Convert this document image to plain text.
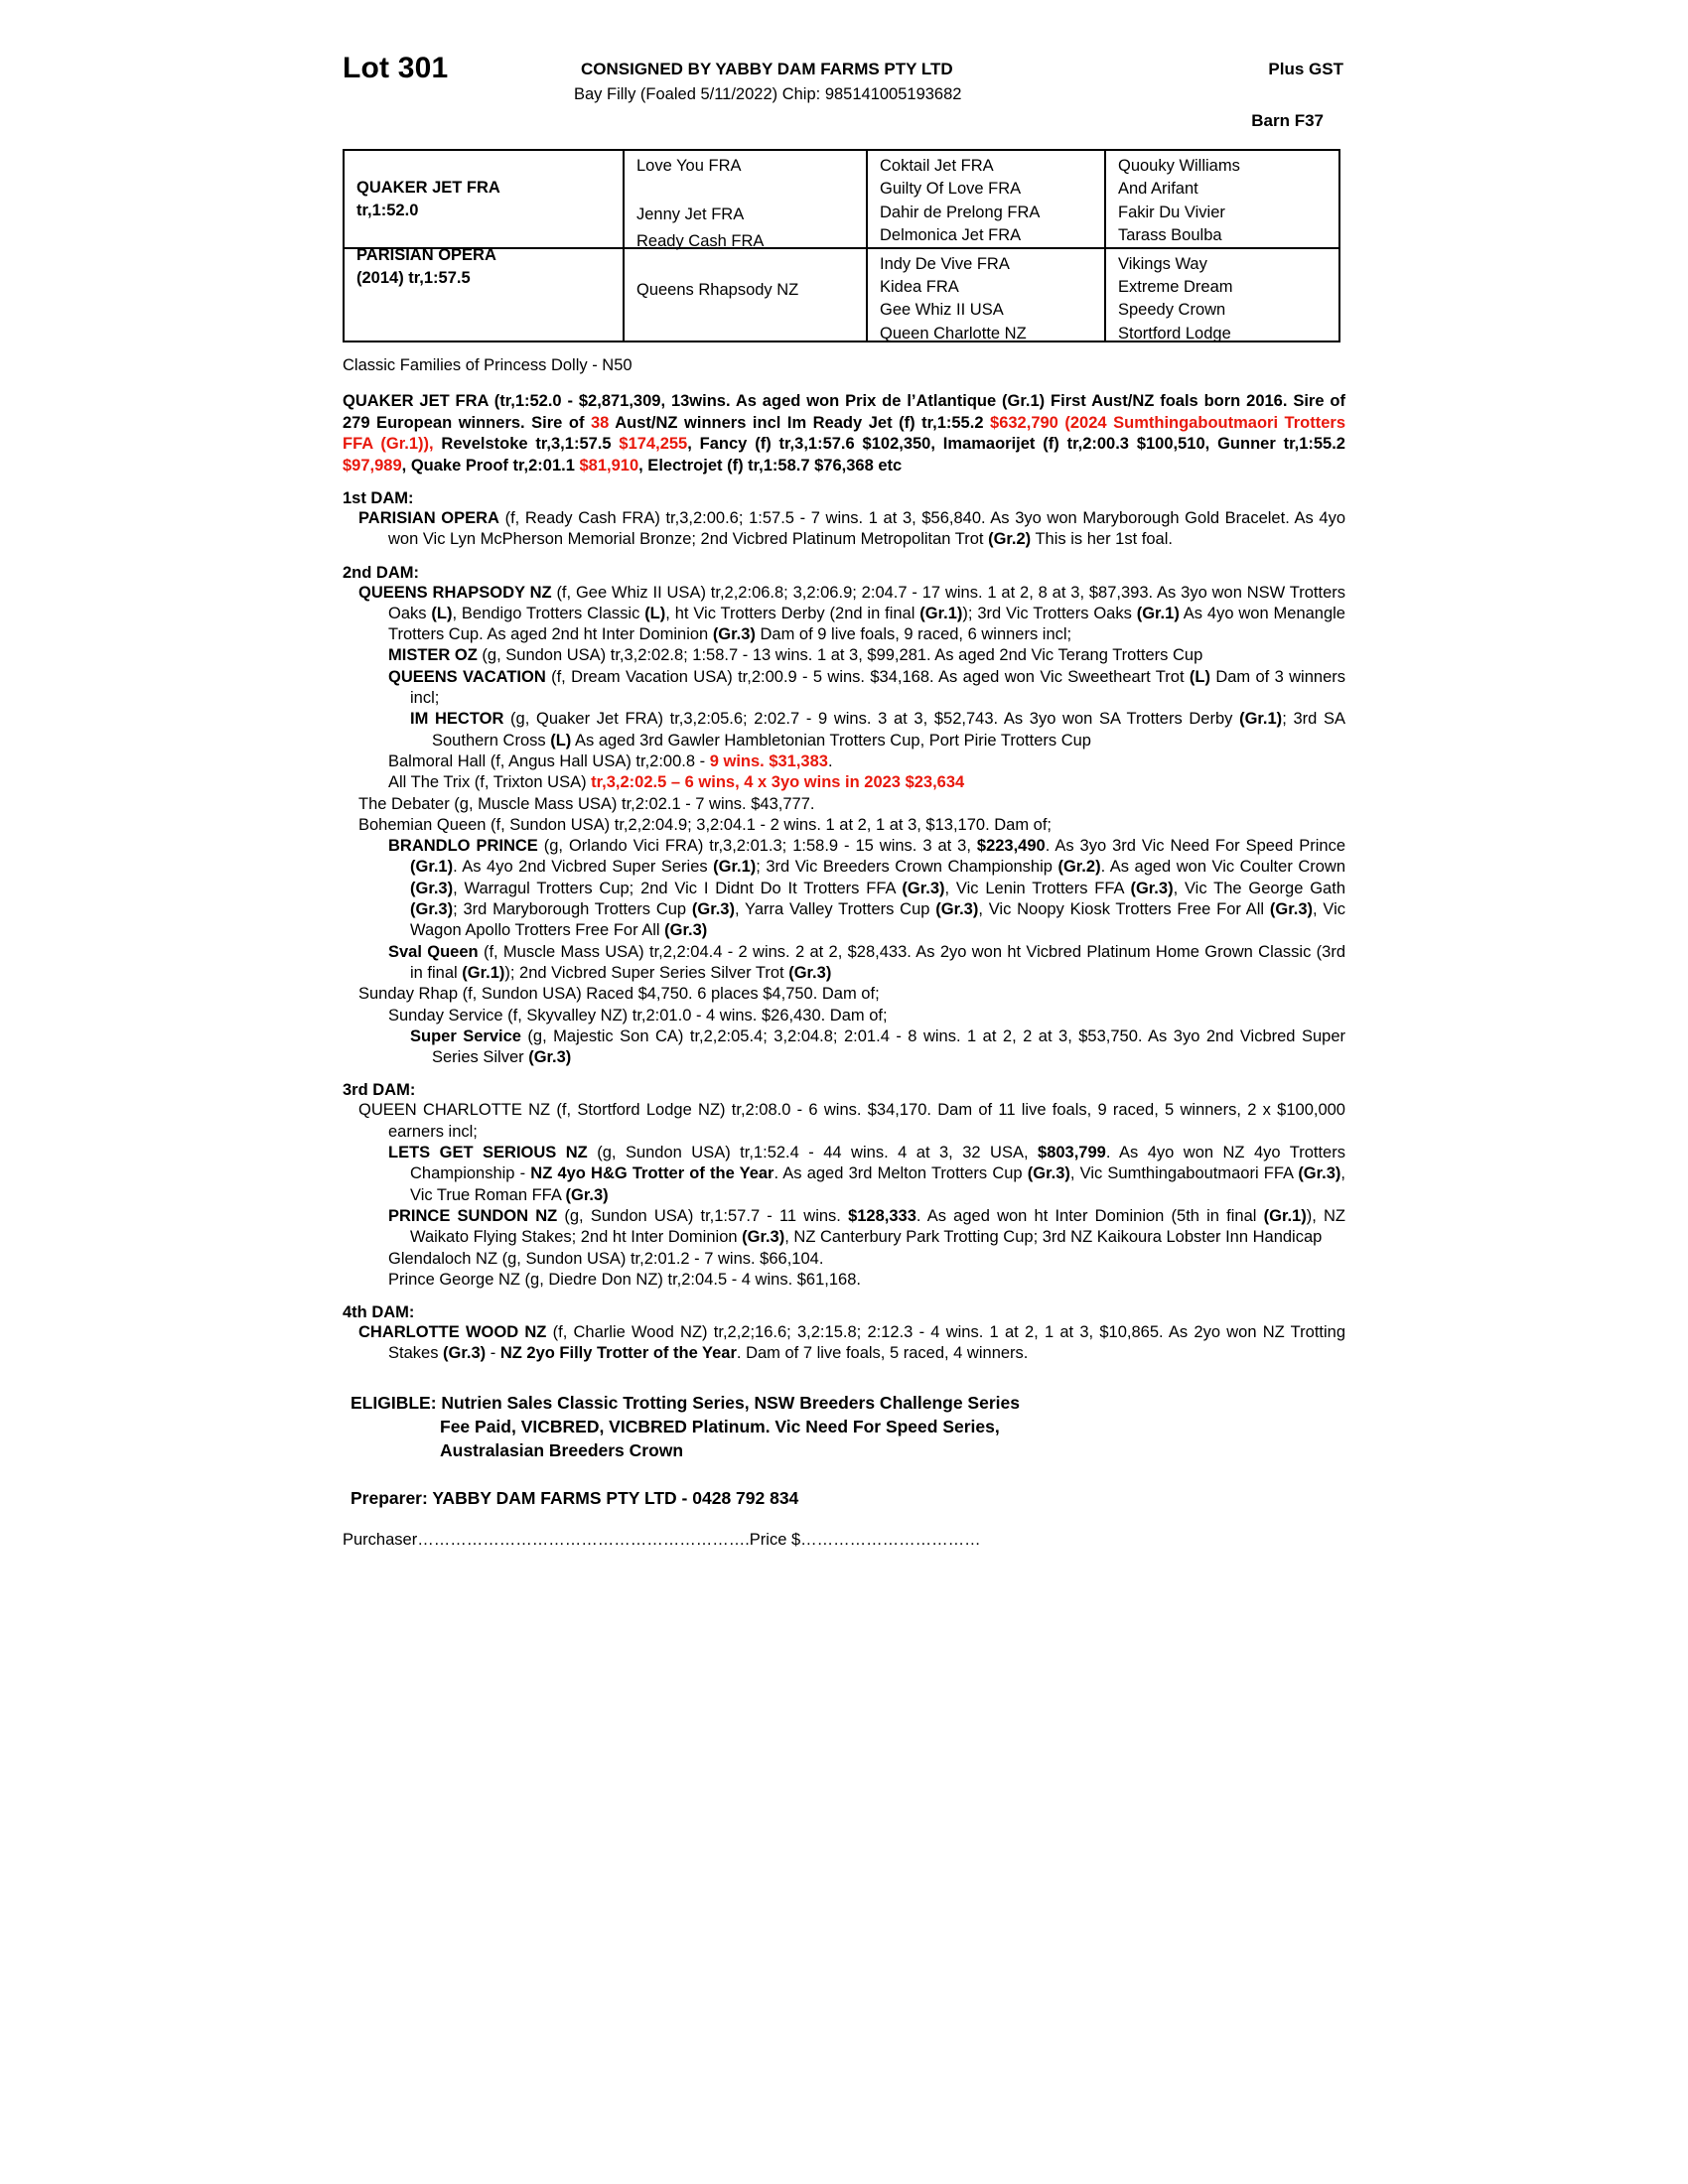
Lot 301	CONSIGNED BY YABBY DAM FARMS PTY LTD	Plus GST
Bay Filly (Foaled 5/11/2022) Chip: 985141005193682
Barn F37
QUAKER JET FRA
tr,1:52.0
PARISIAN OPERA
(2014) tr,1:57.5
Love You FRA
Jenny Jet FRA
Ready Cash FRA
Queens Rhapsody NZ
Coktail Jet FRA
Guilty Of Love FRA
Dahir de Prelong FRA
Delmonica Jet FRA
Indy De Vive FRA
Kidea FRA
Gee Whiz II USA
Queen Charlotte NZ
Quouky Williams
And Arifant
Fakir Du Vivier
Tarass Boulba
Vikings Way
Extreme Dream
Speedy Crown
Stortford Lodge
Classic Families of Princess Dolly - N50
QUAKER JET FRA (tr,1:52.0 - $2,871,309, 13wins. As aged won Prix de l’Atlantique (Gr.1) First Aust/NZ foals born 2016. Sire of 279 European winners. Sire of 38 Aust/NZ winners incl Im Ready Jet (f) tr,1:55.2 $632,790 (2024 Sumthingaboutmaori Trotters FFA (Gr.1)), Revelstoke tr,3,1:57.5 $174,255, Fancy (f) tr,3,1:57.6 $102,350, Imamaorijet (f) tr,2:00.3 $100,510, Gunner tr,1:55.2 $97,989, Quake Proof tr,2:01.1 $81,910, Electrojet (f) tr,1:58.7 $76,368 etc
1st DAM:

PARISIAN OPERA (f, Ready Cash FRA) tr,3,2:00.6; 1:57.5 - 7 wins. 1 at 3, $56,840. As 3yo won Maryborough Gold Bracelet. As 4yo won Vic Lyn McPherson Memorial Bronze; 2nd Vicbred Platinum Metropolitan Trot (Gr.2) This is her 1st foal.

2nd DAM:

QUEENS RHAPSODY NZ (f, Gee Whiz II USA) tr,2,2:06.8; 3,2:06.9; 2:04.7 - 17 wins. 1 at 2, 8 at 3, $87,393. As 3yo won NSW Trotters Oaks (L), Bendigo Trotters Classic (L), ht Vic Trotters Derby (2nd in final (Gr.1)); 3rd Vic Trotters Oaks (Gr.1) As 4yo won Menangle Trotters Cup. As aged 2nd ht Inter Dominion (Gr.3) Dam of 9 live foals, 9 raced, 6 winners incl;

MISTER OZ (g, Sundon USA) tr,3,2:02.8; 1:58.7 - 13 wins. 1 at 3, $99,281. As aged 2nd Vic Terang Trotters Cup

QUEENS VACATION (f, Dream Vacation USA) tr,2:00.9 - 5 wins. $34,168. As aged won Vic Sweetheart Trot (L) Dam of 3 winners incl;

IM HECTOR (g, Quaker Jet FRA) tr,3,2:05.6; 2:02.7 - 9 wins. 3 at 3, $52,743. As 3yo won SA Trotters Derby (Gr.1); 3rd SA Southern Cross (L) As aged 3rd Gawler Hambletonian Trotters Cup, Port Pirie Trotters Cup

Balmoral Hall (f, Angus Hall USA) tr,2:00.8 - 9 wins. $31,383.

All The Trix (f, Trixton USA) tr,3,2:02.5 – 6 wins, 4 x 3yo wins in 2023 $23,634

The Debater (g, Muscle Mass USA) tr,2:02.1 - 7 wins. $43,777.

Bohemian Queen (f, Sundon USA) tr,2,2:04.9; 3,2:04.1 - 2 wins. 1 at 2, 1 at 3, $13,170. Dam of;

BRANDLO PRINCE (g, Orlando Vici FRA) tr,3,2:01.3; 1:58.9 - 15 wins. 3 at 3, $223,490. As 3yo 3rd Vic Need For Speed Prince (Gr.1). As 4yo 2nd Vicbred Super Series (Gr.1); 3rd Vic Breeders Crown Championship (Gr.2). As aged won Vic Coulter Crown (Gr.3), Warragul Trotters Cup; 2nd Vic I Didnt Do It Trotters FFA (Gr.3), Vic Lenin Trotters FFA (Gr.3), Vic The George Gath (Gr.3); 3rd Maryborough Trotters Cup (Gr.3), Yarra Valley Trotters Cup (Gr.3), Vic Noopy Kiosk Trotters Free For All (Gr.3), Vic Wagon Apollo Trotters Free For All (Gr.3)

Sval Queen (f, Muscle Mass USA) tr,2,2:04.4 - 2 wins. 2 at 2, $28,433. As 2yo won ht Vicbred Platinum Home Grown Classic (3rd in final (Gr.1)); 2nd Vicbred Super Series Silver Trot (Gr.3)

Sunday Rhap (f, Sundon USA) Raced $4,750. 6 places $4,750. Dam of;

Sunday Service (f, Skyvalley NZ) tr,2:01.0 - 4 wins. $26,430. Dam of;

Super Service (g, Majestic Son CA) tr,2,2:05.4; 3,2:04.8; 2:01.4 - 8 wins. 1 at 2, 2 at 3, $53,750. As 3yo 2nd Vicbred Super Series Silver (Gr.3)

3rd DAM:

QUEEN CHARLOTTE NZ (f, Stortford Lodge NZ) tr,2:08.0 - 6 wins. $34,170. Dam of 11 live foals, 9 raced, 5 winners, 2 x $100,000 earners incl;

LETS GET SERIOUS NZ (g, Sundon USA) tr,1:52.4 - 44 wins. 4 at 3, 32 USA, $803,799. As 4yo won NZ 4yo Trotters Championship - NZ 4yo H&G Trotter of the Year. As aged 3rd Melton Trotters Cup (Gr.3), Vic Sumthingaboutmaori FFA (Gr.3), Vic True Roman FFA (Gr.3)

PRINCE SUNDON NZ (g, Sundon USA) tr,1:57.7 - 11 wins. $128,333. As aged won ht Inter Dominion (5th in final (Gr.1)), NZ Waikato Flying Stakes; 2nd ht Inter Dominion (Gr.3), NZ Canterbury Park Trotting Cup; 3rd NZ Kaikoura Lobster Inn Handicap

Glendaloch NZ (g, Sundon USA) tr,2:01.2 - 7 wins. $66,104.

Prince George NZ (g, Diedre Don NZ) tr,2:04.5 - 4 wins. $61,168.

4th DAM:

CHARLOTTE WOOD NZ (f, Charlie Wood NZ) tr,2,2;16.6; 3,2:15.8; 2:12.3 - 4 wins. 1 at 2, 1 at 3, $10,865. As 2yo won NZ Trotting Stakes (Gr.3) - NZ 2yo Filly Trotter of the Year. Dam of 7 live foals, 5 raced, 4 winners.

ELIGIBLE: Nutrien Sales Classic Trotting Series, NSW Breeders Challenge Series
Fee Paid, VICBRED, VICBRED Platinum. Vic Need For Speed Series,
Australasian Breeders Crown
Preparer: YABBY DAM FARMS PTY LTD - 0428 792 834
Purchaser…………………………………………………….Price $……………………………
